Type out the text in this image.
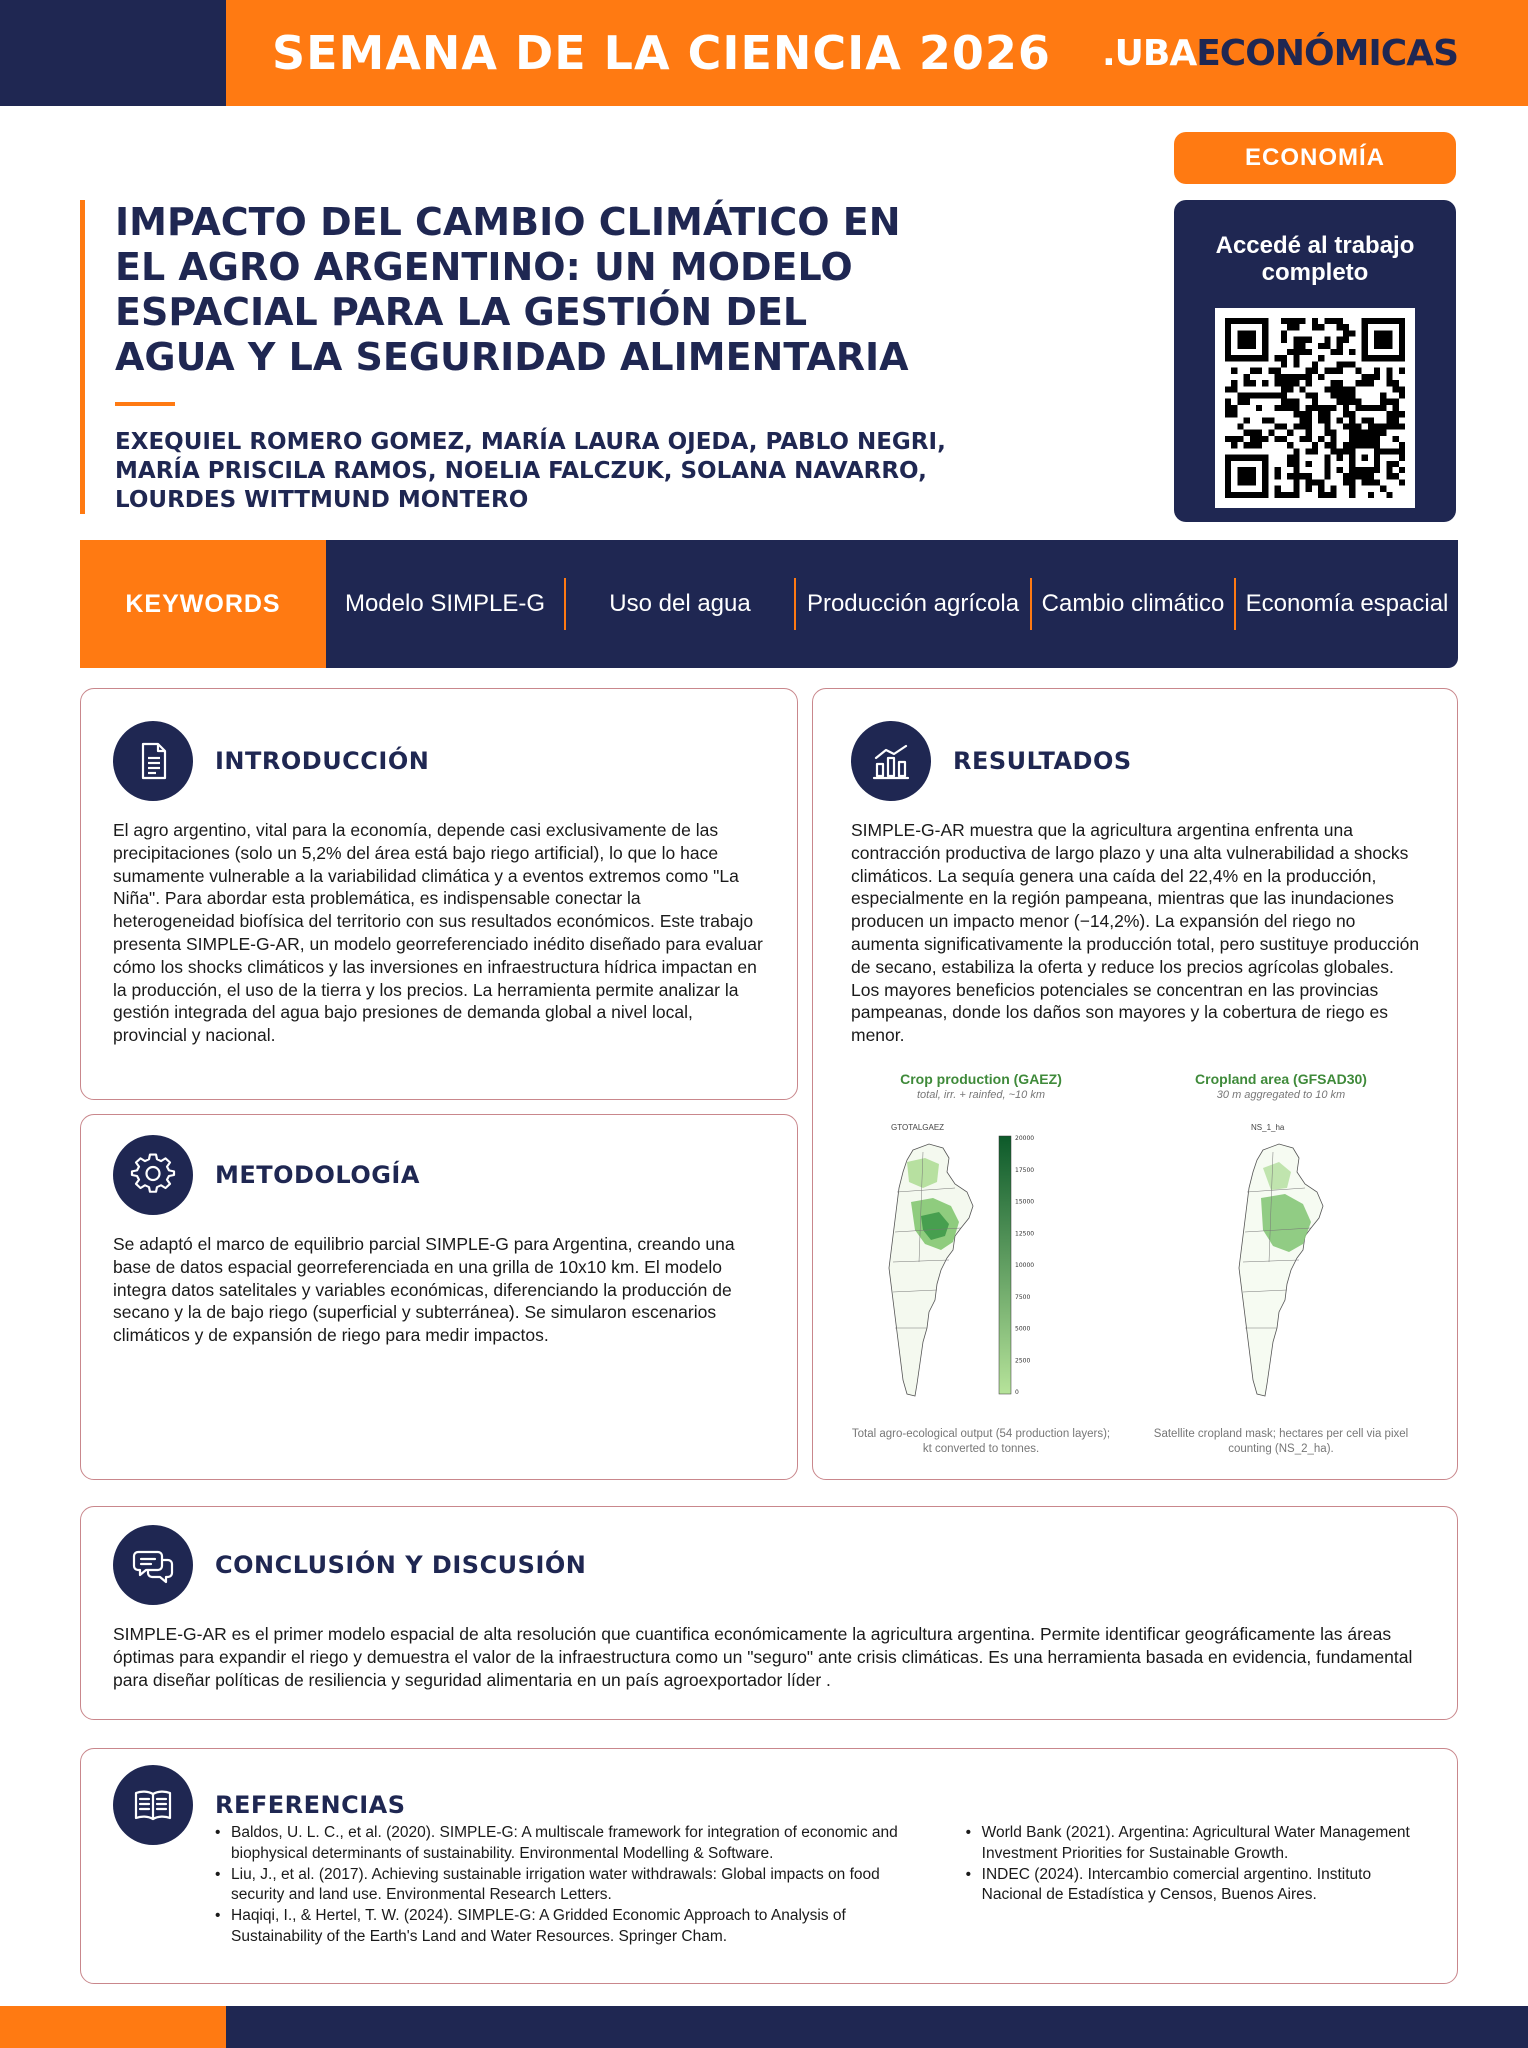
SEMANA DE LA CIENCIA 2026 .UBAECONÓMICAS
IMPACTO DEL CAMBIO CLIMÁTICO EN EL AGRO ARGENTINO: UN MODELO ESPACIAL PARA LA GESTIÓN DEL AGUA Y LA SEGURIDAD ALIMENTARIA
EXEQUIEL ROMERO GOMEZ, MARÍA LAURA OJEDA, PABLO NEGRI, MARÍA PRISCILA RAMOS, NOELIA FALCZUK, SOLANA NAVARRO, LOURDES WITTMUND MONTERO
ECONOMÍA
Accedé al trabajo completo
KEYWORDS	Modelo SIMPLE-G	Uso del agua	Producción agrícola Cambio climático Economía espacial
INTRODUCCIÓN
El agro argentino, vital para la economía, depende casi exclusivamente de las precipitaciones (solo un 5,2% del área está bajo riego artificial), lo que lo hace sumamente vulnerable a la variabilidad climática y a eventos extremos como "La Niña". Para abordar esta problemática, es indispensable conectar la heterogeneidad biofísica del territorio con sus resultados económicos. Este trabajo presenta SIMPLE-G-AR, un modelo georreferenciado inédito diseñado para evaluar cómo los shocks climáticos y las inversiones en infraestructura hídrica impactan en la producción, el uso de la tierra y los precios. La herramienta permite analizar la gestión integrada del agua bajo presiones de demanda global a nivel local, provincial y nacional.
METODOLOGÍA
Se adaptó el marco de equilibrio parcial SIMPLE-G para Argentina, creando una base de datos espacial georreferenciada en una grilla de 10x10 km. El modelo integra datos satelitales y variables económicas, diferenciando la producción de secano y la de bajo riego (superficial y subterránea). Se simularon escenarios climáticos y de expansión de riego para medir impactos.
RESULTADOS
SIMPLE-G-AR muestra que la agricultura argentina enfrenta una contracción productiva de largo plazo y una alta vulnerabilidad a shocks climáticos. La sequía genera una caída del 22,4% en la producción, especialmente en la región pampeana, mientras que las inundaciones producen un impacto menor (−14,2%). La expansión del riego no aumenta significativamente la producción total, pero sustituye producción de secano, estabiliza la oferta y reduce los precios agrícolas globales. Los mayores beneficios potenciales se concentran en las provincias pampeanas, donde los daños son mayores y la cobertura de riego es menor.
Crop production (GAEZ)
total, irr. + rainfed, ~10 km
GTOTALGAEZ
20000
17500
15000
12500
10000
7500
5000
2500
0
Total agro-ecological output (54 production layers); kt converted to tonnes.
Cropland area (GFSAD30)
30 m aggregated to 10 km
NS_1_ha
Satellite cropland mask; hectares per cell via pixel counting (NS_2_ha).
CONCLUSIÓN Y DISCUSIÓN
SIMPLE-G-AR es el primer modelo espacial de alta resolución que cuantifica económicamente la agricultura argentina. Permite identificar geográficamente las áreas óptimas para expandir el riego y demuestra el valor de la infraestructura como un "seguro" ante crisis climáticas. Es una herramienta basada en evidencia, fundamental para diseñar políticas de resiliencia y seguridad alimentaria en un país agroexportador líder .
REFERENCIAS
• Baldos, U. L. C., et al. (2020). SIMPLE-G: A multiscale framework for integration of economic and biophysical determinants of sustainability. Environmental Modelling & Software.
• Liu, J., et al. (2017). Achieving sustainable irrigation water withdrawals: Global impacts on food security and land use. Environmental Research Letters.
• Haqiqi, I., & Hertel, T. W. (2024). SIMPLE-G: A Gridded Economic Approach to Analysis of Sustainability of the Earth's Land and Water Resources. Springer Cham.
• World Bank (2021). Argentina: Agricultural Water Management Investment Priorities for Sustainable Growth.
• INDEC (2024). Intercambio comercial argentino. Instituto Nacional de Estadística y Censos, Buenos Aires.
